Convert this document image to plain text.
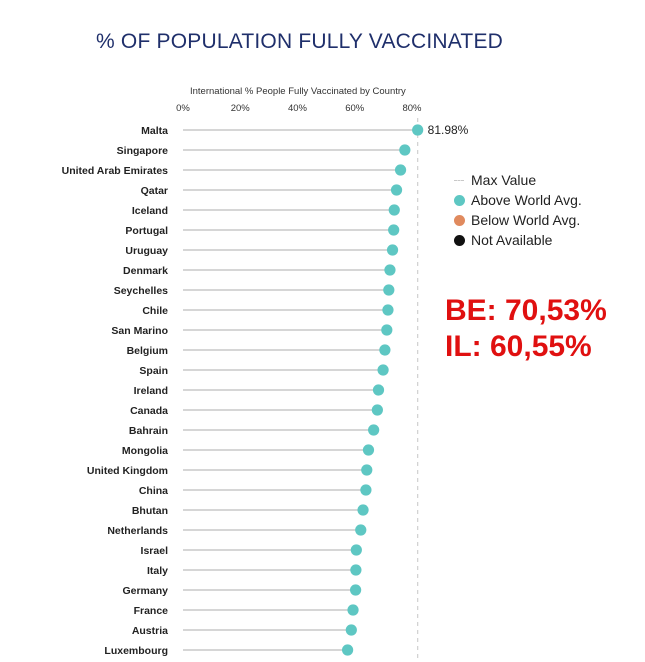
% OF POPULATION FULLY VACCINATED
International % People Fully Vaccinated by Country
0%	20%	40%	60%	80%
Malta
Singapore
United Arab Emirates
Qatar
Iceland
Portugal
Uruguay
Denmark
Seychelles
Chile
San Marino
Belgium
Spain
Ireland
Canada
Bahrain
Mongolia
United Kingdom
China
Bhutan
Netherlands
Israel
Italy
Germany
France
Austria
Luxembourg
81.98%
Max Value
Above World Avg.
Below World Avg.
Not Available
BE: 70,53%
IL: 60,55%
